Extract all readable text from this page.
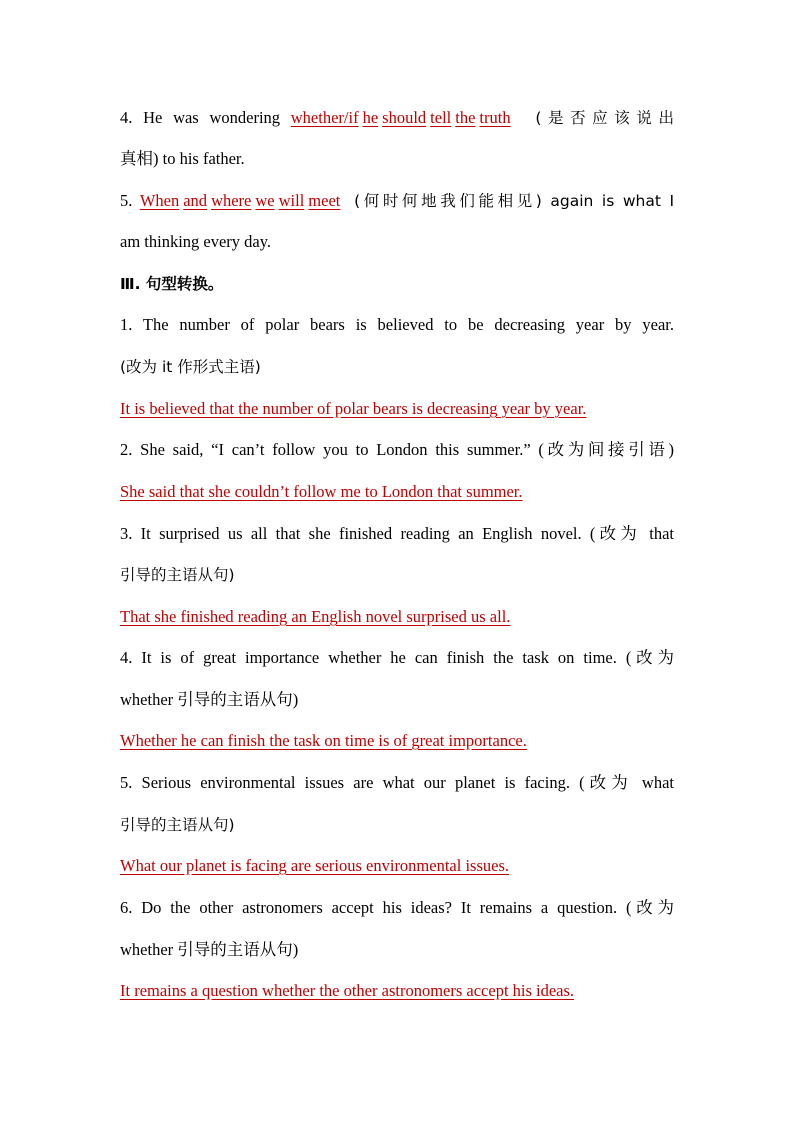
4. He was wondering whether/if he should tell the truth (是否应该说出
真相) to his father.
5. When and where we will meet (何时何地我们能相见) again is what I
am thinking every day.
Ⅲ. 句型转换。
1. The number of polar bears is believed to be decreasing year by year.
(改为 it 作形式主语)
It is believed that the number of polar bears is decreasing year by year.
2. She said, “I can’t follow you to London this summer.” (改为间接引语)
She said that she couldn’t follow me to London that summer.
3. It surprised us all that she finished reading an English novel. (改为 that
引导的主语从句)
That she finished reading an English novel surprised us all.
4. It is of great importance whether he can finish the task on time. (改为
whether 引导的主语从句)
Whether he can finish the task on time is of great importance.
5. Serious environmental issues are what our planet is facing. (改为 what
引导的主语从句)
What our planet is facing are serious environmental issues.
6. Do the other astronomers accept his ideas? It remains a question. (改为
whether 引导的主语从句)
It remains a question whether the other astronomers accept his ideas.
